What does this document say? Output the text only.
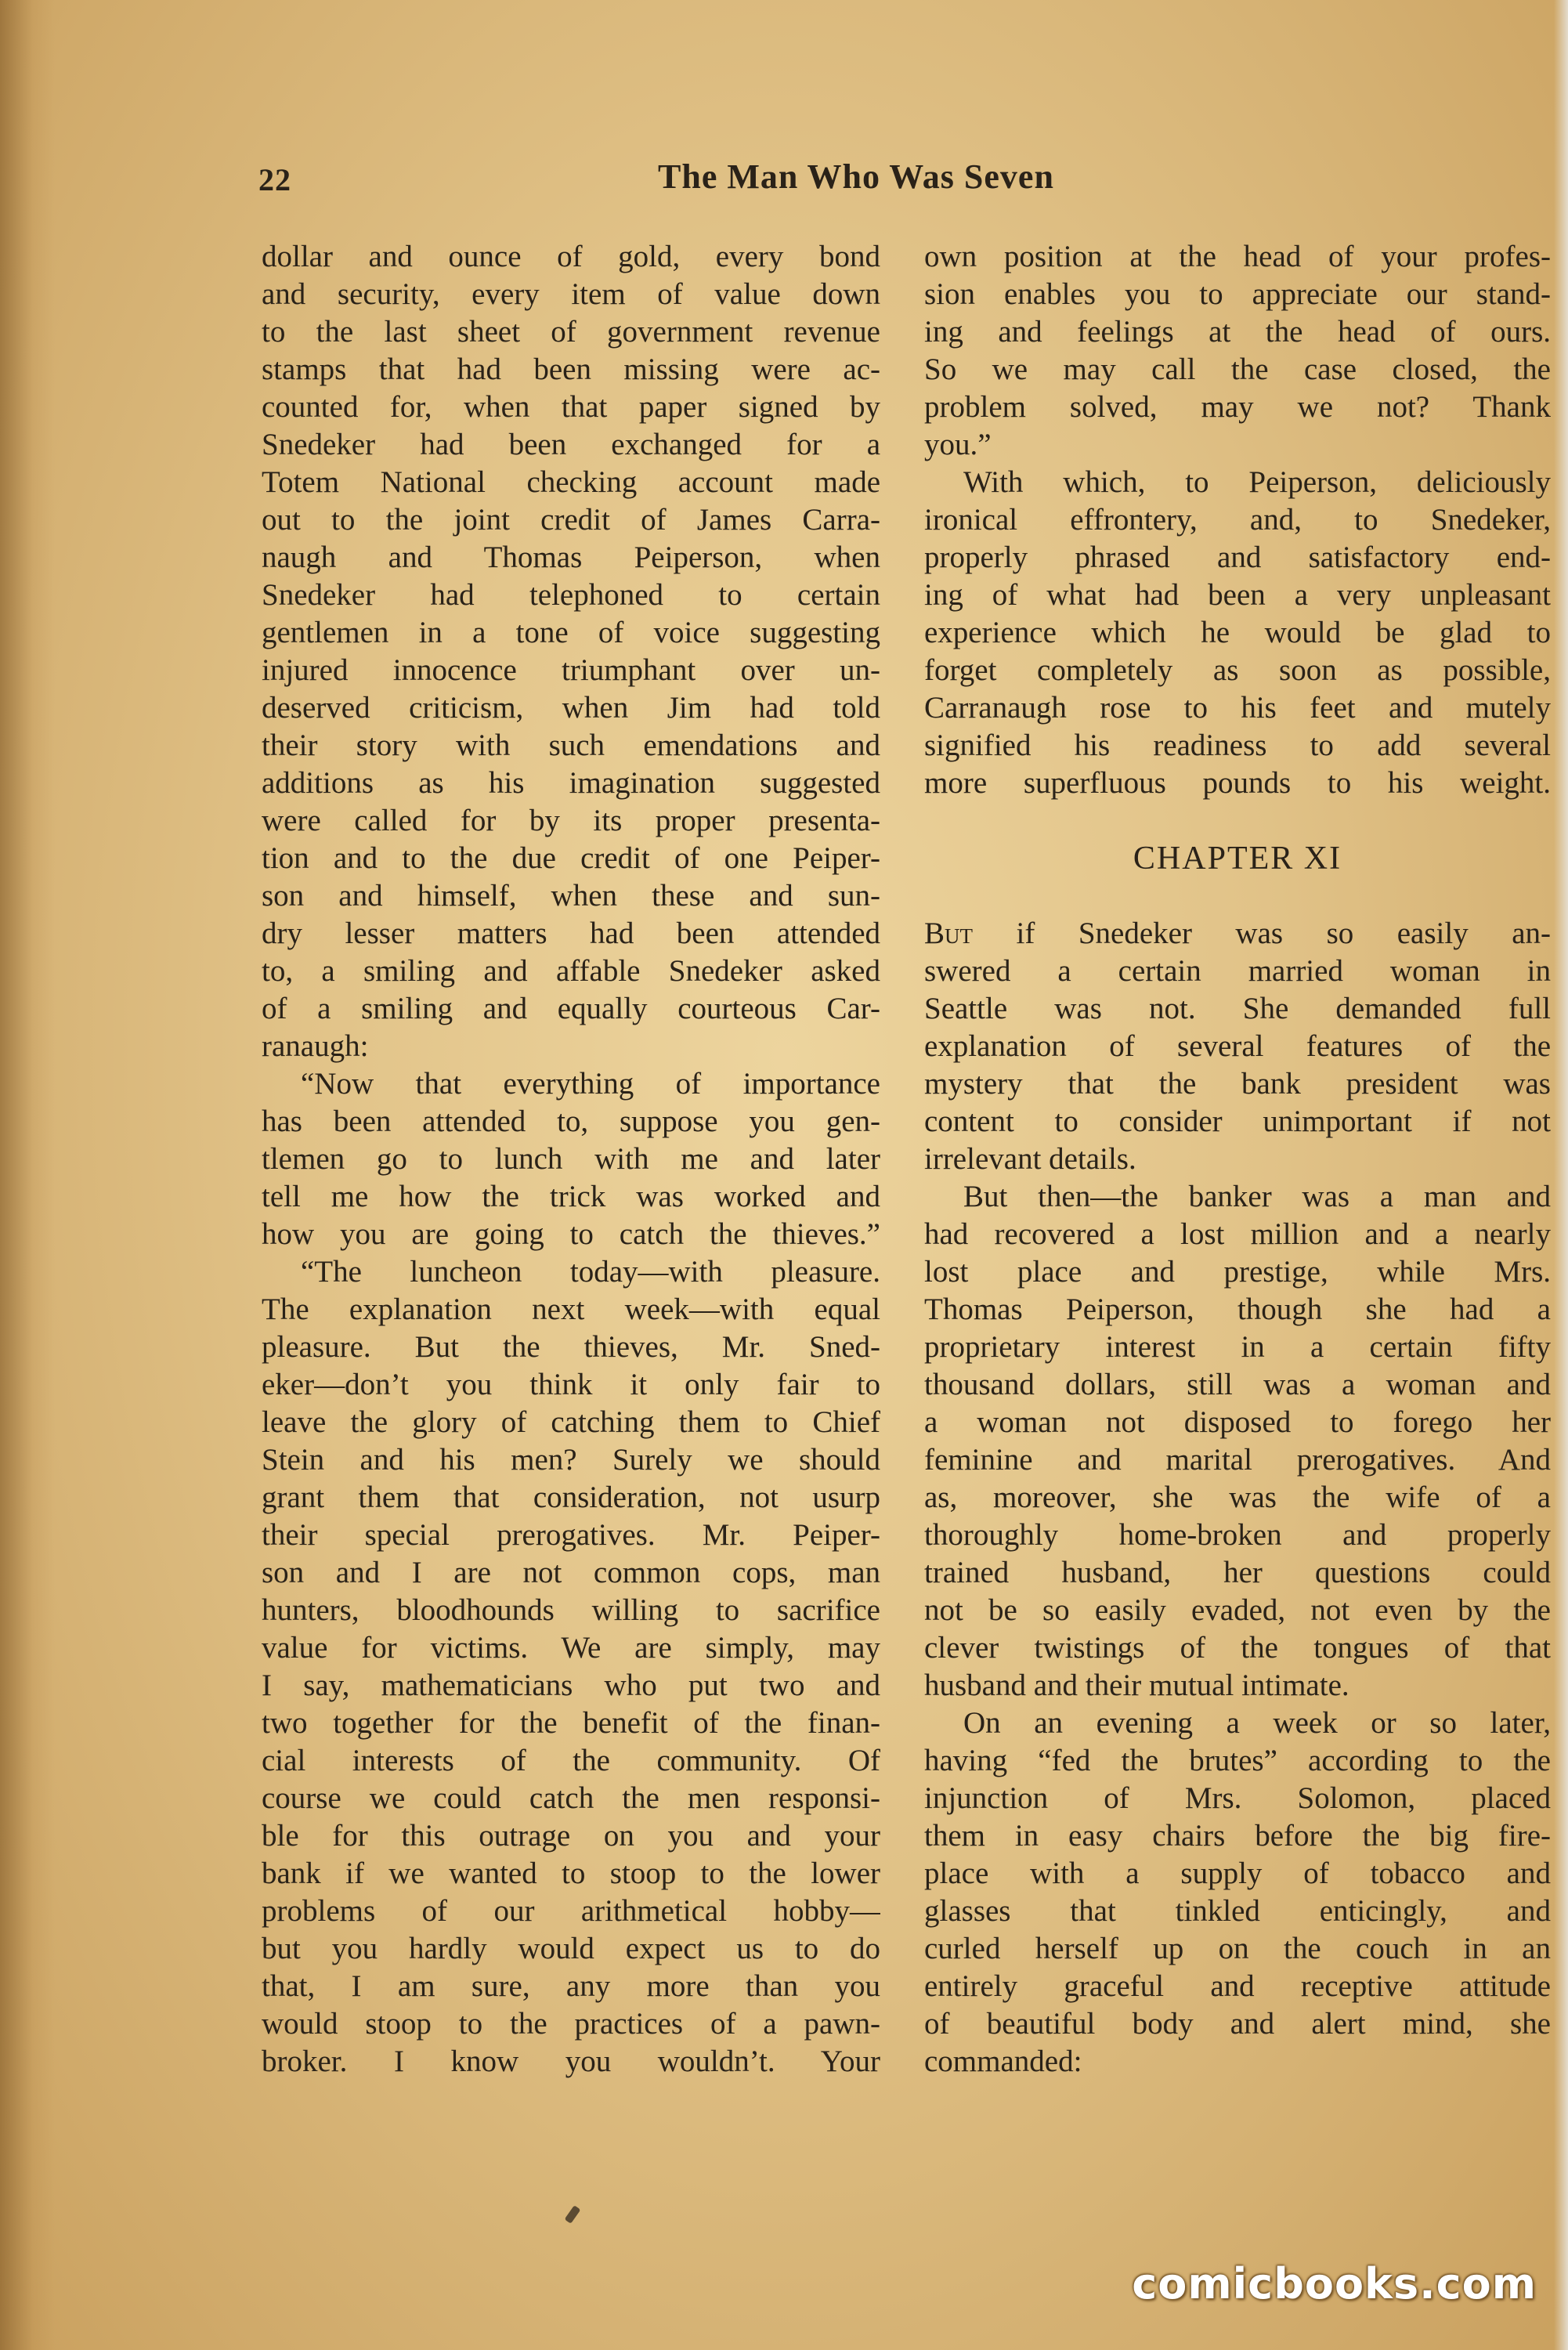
22	The Man Who Was Seven
dollar and ounce of gold, every bond
and security, every item of value down
to the last sheet of government revenue
stamps that had been missing were ac-
counted for, when that paper signed by
Snedeker had been exchanged for a
Totem National checking account made
out to the joint credit of James Carra-
naugh and Thomas Peiperson, when
Snedeker had telephoned to certain
gentlemen in a tone of voice suggesting
injured innocence triumphant over un-
deserved criticism, when Jim had told
their story with such emendations and
additions as his imagination suggested
were called for by its proper presenta-
tion and to the due credit of one Peiper-
son and himself, when these and sun-
dry lesser matters had been attended
to, a smiling and affable Snedeker asked
of a smiling and equally courteous Car-
ranaugh:
“Now that everything of importance
has been attended to, suppose you gen-
tlemen go to lunch with me and later
tell me how the trick was worked and
how you are going to catch the thieves.”
“The luncheon today—with pleasure.
The explanation next week—with equal
pleasure. But the thieves, Mr. Sned-
eker—don’t you think it only fair to
leave the glory of catching them to Chief
Stein and his men? Surely we should
grant them that consideration, not usurp
their special prerogatives. Mr. Peiper-
son and I are not common cops, man
hunters, bloodhounds willing to sacrifice
value for victims. We are simply, may
I say, mathematicians who put two and
two together for the benefit of the finan-
cial interests of the community. Of
course we could catch the men responsi-
ble for this outrage on you and your
bank if we wanted to stoop to the lower
problems of our arithmetical hobby—
but you hardly would expect us to do
that, I am sure, any more than you
would stoop to the practices of a pawn-
broker. I know you wouldn’t. Your
own position at the head of your profes-
sion enables you to appreciate our stand-
ing and feelings at the head of ours.
So we may call the case closed, the
problem solved, may we not? Thank
you.”
With which, to Peiperson, deliciously
ironical effrontery, and, to Snedeker,
properly phrased and satisfactory end-
ing of what had been a very unpleasant
experience which he would be glad to
forget completely as soon as possible,
Carranaugh rose to his feet and mutely
signified his readiness to add several
more superfluous pounds to his weight.
CHAPTER XI
But if Snedeker was so easily an-
swered a certain married woman in
Seattle was not. She demanded full
explanation of several features of the
mystery that the bank president was
content to consider unimportant if not
irrelevant details.
But then—the banker was a man and
had recovered a lost million and a nearly
lost place and prestige, while Mrs.
Thomas Peiperson, though she had a
proprietary interest in a certain fifty
thousand dollars, still was a woman and
a woman not disposed to forego her
feminine and marital prerogatives. And
as, moreover, she was the wife of a
thoroughly home-broken and properly
trained husband, her questions could
not be so easily evaded, not even by the
clever twistings of the tongues of that
husband and their mutual intimate.
On an evening a week or so later,
having “fed the brutes” according to the
injunction of Mrs. Solomon, placed
them in easy chairs before the big fire-
place with a supply of tobacco and
glasses that tinkled enticingly, and
curled herself up on the couch in an
entirely graceful and receptive attitude
of beautiful body and alert mind, she
commanded:
comicbooks.com
